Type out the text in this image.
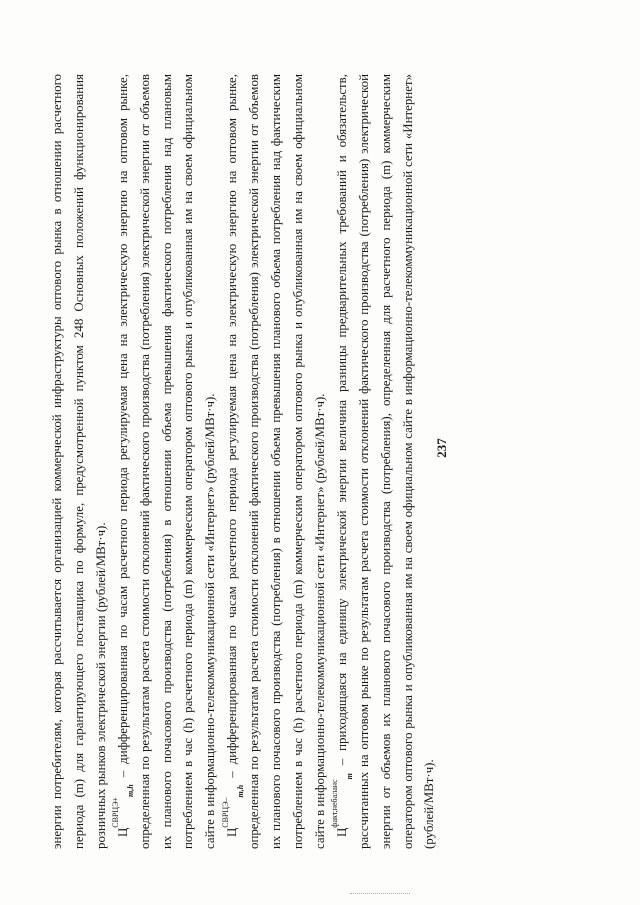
237

энергии потребителям, которая рассчитывается организацией коммерческой инфраструктуры оптового рынка в отношении расчетного периода (m) для гарантирующего поставщика по формуле, предусмотренной пунктом 248 Основных положений функционирования розничных рынков электрической энергии (рублей/МВт·ч). $Ц^{СВРЦЭ+}_{m,h}$ – дифференцированная по часам расчетного периода регулируемая цена на электрическую энергию на оптовом рынке, определенная по результатам расчета стоимости отклонений фактического производства (потребления) электрической энергии от объемов их планового почасового производства (потребления) в отношении объема превышения фактического потребления над плановым потреблением в час (h) расчетного периода (m) коммерческим оператором оптового рынка и опубликованная им на своем официальном сайте в информационно-телекоммуникационной сети «Интернет» (рублей/МВт·ч). $Ц^{СВРЦЭ-}_{m,h}$ – дифференцированная по часам расчетного периода регулируемая цена на электрическую энергию на оптовом рынке, определенная по результатам расчета стоимости отклонений фактического производства (потребления) электрической энергии от объемов их планового почасового производства (потребления) в отношении объема превышения планового объема потребления над фактическим потреблением в час (h) расчетного периода (m) коммерческим оператором оптового рынка и опубликованная им на своем официальном сайте в информационно-телекоммуникационной сети «Интернет» (рублей/МВт·ч). $Ц^{факт,небаланс}_m$ – приходящаяся на единицу электрической энергии величина разницы предварительных требований и обязательств, рассчитанных на оптовом рынке по результатам расчета стоимости отклонений фактического производства (потребления) электрической энергии от объемов их планового почасового производства (потребления), определенная для расчетного периода (m) коммерческим оператором оптового рынка и опубликованная им на своем официальном сайте в информационно-телекоммуникационной сети «Интернет» (рублей/МВт·ч).
